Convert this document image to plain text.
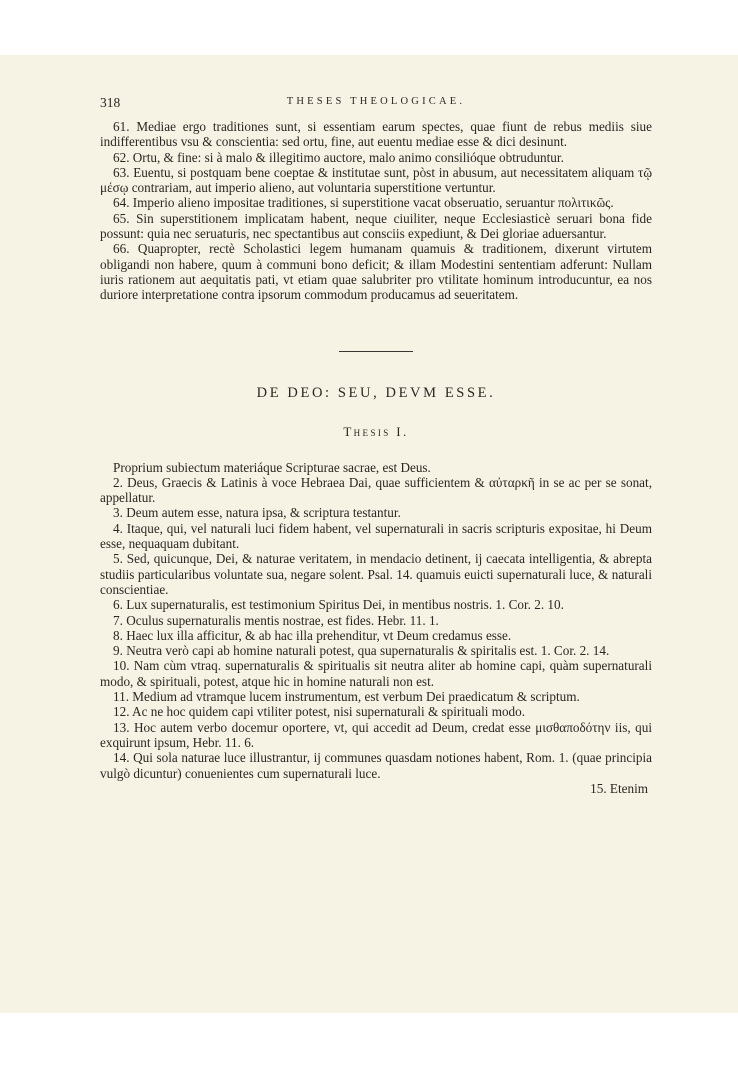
318	THESES THEOLOGICAE.

61. Mediae ergo traditiones sunt, si essentiam earum spectes, quae fiunt de rebus mediis siue indifferentibus vsu & conscientia: sed ortu, fine, aut euentu mediae esse & dici desinunt.

62. Ortu, & fine: si à malo & illegitimo auctore, malo animo consilióque obtruduntur.

63. Euentu, si postquam bene coeptae & institutae sunt, pòst in abusum, aut necessitatem aliquam τῷ μέσῳ contrariam, aut imperio alieno, aut voluntaria superstitione vertuntur.

64. Imperio alieno impositae traditiones, si superstitione vacat obseruatio, seruantur πολιτικῶς.

65. Sin superstitionem implicatam habent, neque ciuiliter, neque Ecclesiasticè seruari bona fide possunt: quia nec seruaturis, nec spectantibus aut consciis expediunt, & Dei gloriae aduersantur.

66. Quapropter, rectè Scholastici legem humanam quamuis & traditionem, dixerunt virtutem obligandi non habere, quum à communi bono deficit; & illam Modestini sententiam adferunt: Nullam iuris rationem aut aequitatis pati, vt etiam quae salubriter pro vtilitate hominum introducuntur, ea nos duriore interpretatione contra ipsorum commodum producamus ad seueritatem.

DE DEO: SEU, DEVM ESSE.
Thesis I.

Proprium subiectum materiáque Scripturae sacrae, est Deus.

2. Deus, Graecis & Latinis à voce Hebraea Dai, quae sufficientem & αὐταρκῆ in se ac per se sonat, appellatur.

3. Deum autem esse, natura ipsa, & scriptura testantur.

4. Itaque, qui, vel naturali luci fidem habent, vel supernaturali in sacris scripturis expositae, hi Deum esse, nequaquam dubitant.

5. Sed, quicunque, Dei, & naturae veritatem, in mendacio detinent, ij caecata intelligentia, & abrepta studiis particularibus voluntate sua, negare solent. Psal. 14. quamuis euicti supernaturali luce, & naturali conscientiae.

6. Lux supernaturalis, est testimonium Spiritus Dei, in mentibus nostris. 1. Cor. 2. 10.

7. Oculus supernaturalis mentis nostrae, est fides. Hebr. 11. 1.

8. Haec lux illa afficitur, & ab hac illa prehenditur, vt Deum credamus esse.

9. Neutra verò capi ab homine naturali potest, qua supernaturalis & spiritalis est. 1. Cor. 2. 14.

10. Nam cùm vtraq. supernaturalis & spiritualis sit neutra aliter ab homine capi, quàm supernaturali modo, & spirituali, potest, atque hic in homine naturali non est.

11. Medium ad vtramque lucem instrumentum, est verbum Dei praedicatum & scriptum.

12. Ac ne hoc quidem capi vtiliter potest, nisi supernaturali & spirituali modo.

13. Hoc autem verbo docemur oportere, vt, qui accedit ad Deum, credat esse μισθαποδότην iis, qui exquirunt ipsum, Hebr. 11. 6.

14. Qui sola naturae luce illustrantur, ij communes quasdam notiones habent, Rom. 1. (quae principia vulgò dicuntur) conuenientes cum supernaturali luce.

15. Etenim
